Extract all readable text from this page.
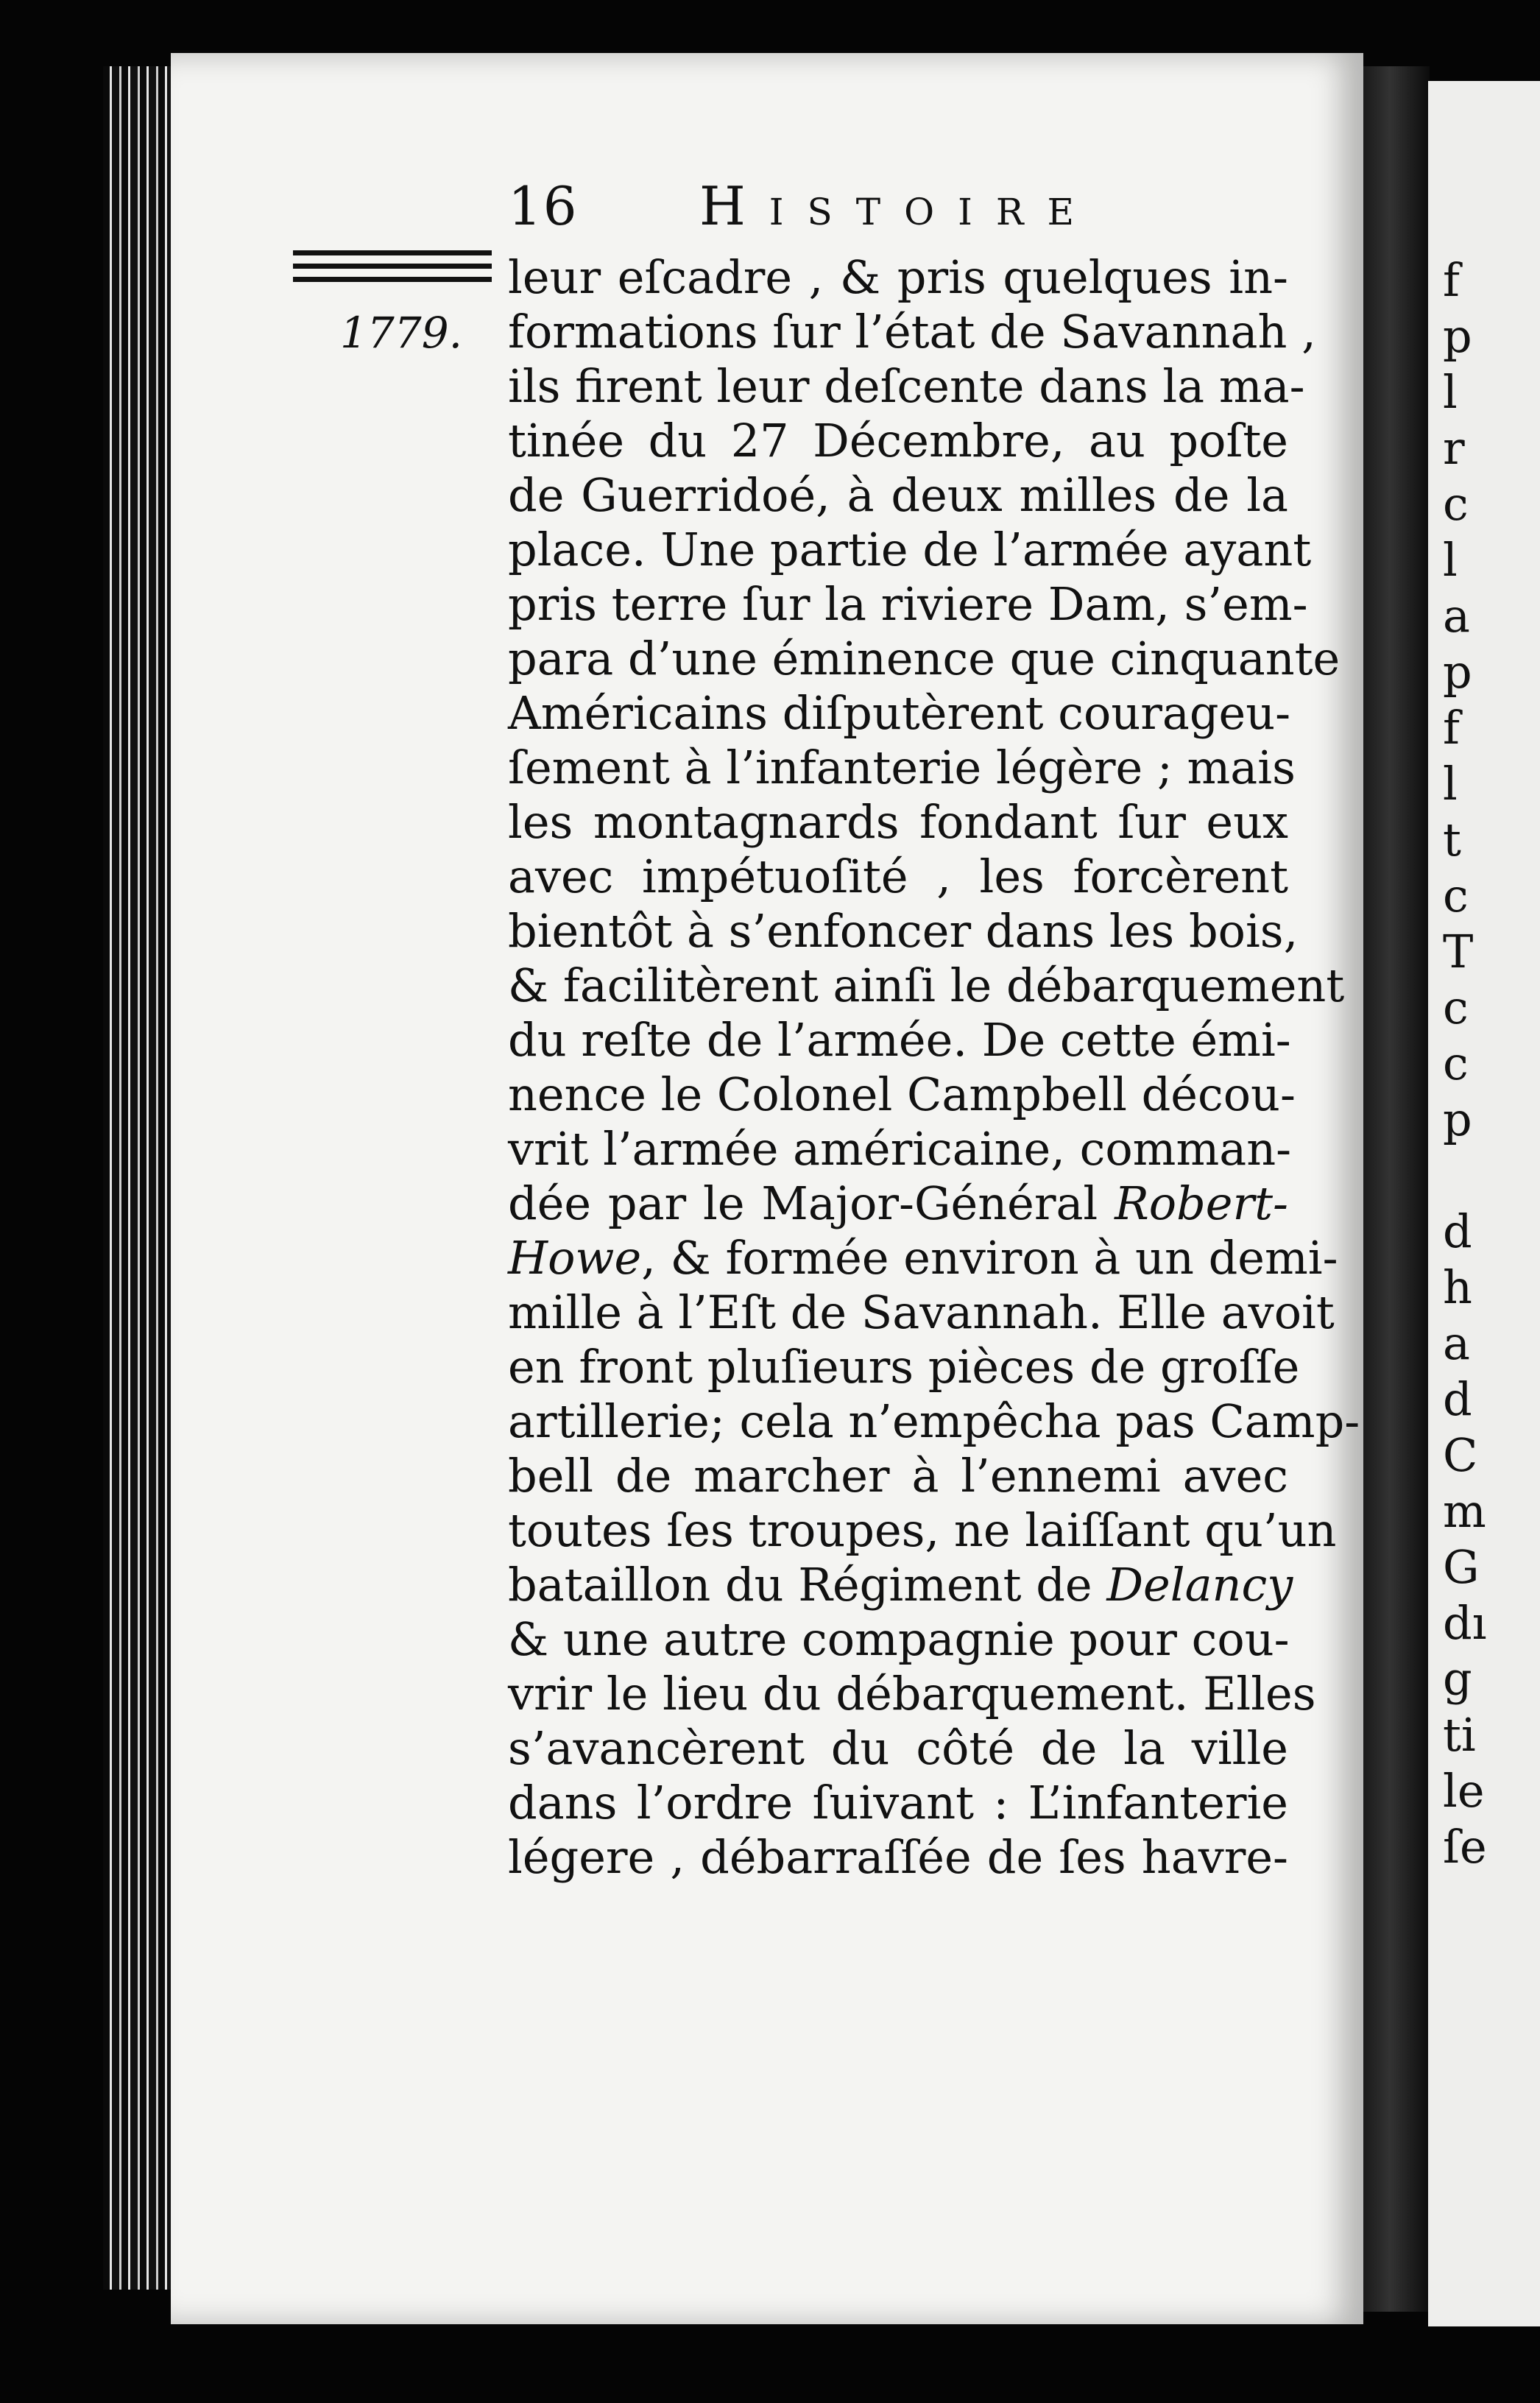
f
p
l
r
c
l
a
p
f
l
t
c
T
c
c
p
d
h
a
d
C
m
G
dı
g
ti
le
ſe
16 Histoire
1779.
leur eſcadre , & pris quelques in-
formations ſur l’état de Savannah ,
ils firent leur deſcente dans la ma-
tinée du 27 Décembre, au poſte
de Guerridoé, à deux milles de la
place. Une partie de l’armée ayant
pris terre ſur la riviere Dam, s’em-
para d’une éminence que cinquante
Américains diſputèrent courageu-
ſement à l’infanterie légère ; mais
les montagnards fondant ſur eux
avec impétuoſité , les forcèrent
bientôt à s’enfoncer dans les bois,
& facilitèrent ainſi le débarquement
du reſte de l’armée. De cette émi-
nence le Colonel Campbell décou-
vrit l’armée américaine, comman-
dée par le Major-Général Robert-
Howe, & formée environ à un demi-
mille à l’Eſt de Savannah. Elle avoit
en front pluſieurs pièces de groſſe
artillerie; cela n’empêcha pas Camp-
bell de marcher à l’ennemi avec
toutes ſes troupes, ne laiſſant qu’un
bataillon du Régiment de Delancy
& une autre compagnie pour cou-
vrir le lieu du débarquement. Elles
s’avancèrent du côté de la ville
dans l’ordre ſuivant : L’infanterie
légere , débarraſſée de ſes havre-
